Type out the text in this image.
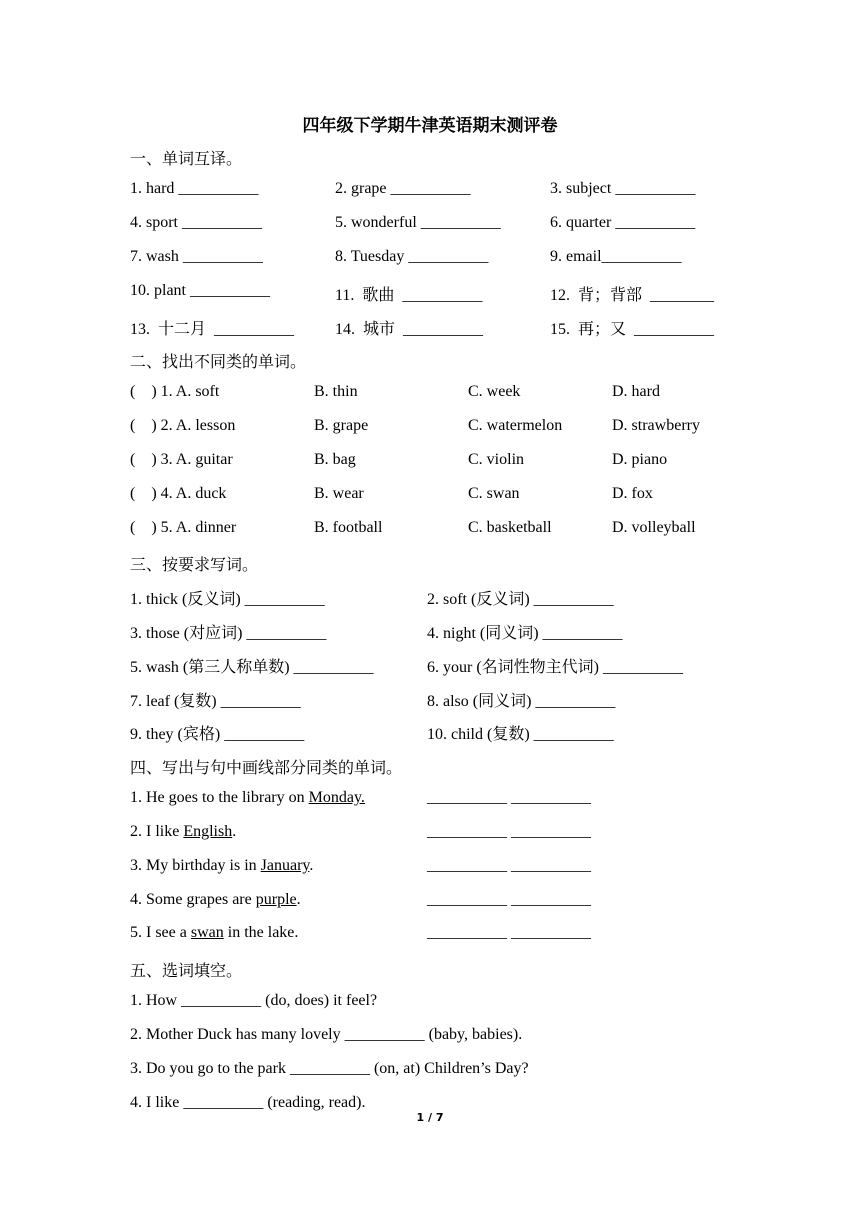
四年级下学期牛津英语期末测评卷
一、单词互译。
1. hard __________	2. grape __________	3. subject __________
4. sport __________	5. wonderful __________	6. quarter __________
7. wash __________	8. Tuesday __________	9. email__________
10. plant __________	11.  歌曲  __________	12.  背；背部  ________
13.  十二月  __________	14.  城市  __________	15.  再；又  __________
二、找出不同类的单词。
(    ) 1. A. soft	B. thin	C. week	D. hard
(    ) 2. A. lesson	B. grape	C. watermelon	D. strawberry
(    ) 3. A. guitar	B. bag	C. violin	D. piano
(    ) 4. A. duck	B. wear	C. swan	D. fox
(    ) 5. A. dinner	B. football	C. basketball	D. volleyball
三、按要求写词。
1. thick (反义词) __________	2. soft (反义词) __________
3. those (对应词) __________	4. night (同义词) __________
5. wash (第三人称单数) __________	6. your (名词性物主代词) __________
7. leaf (复数) __________	8. also (同义词) __________
9. they (宾格) __________	10. child (复数) __________
四、写出与句中画线部分同类的单词。
1. He goes to the library on Monday.	__________ __________
2. I like English.	__________ __________
3. My birthday is in January.	__________ __________
4. Some grapes are purple.	__________ __________
5. I see a swan in the lake.	__________ __________
五、选词填空。
1. How __________ (do, does) it feel?
2. Mother Duck has many lovely __________ (baby, babies).
3. Do you go to the park __________ (on, at) Children’s Day?
4. I like __________ (reading, read).
1 / 7
